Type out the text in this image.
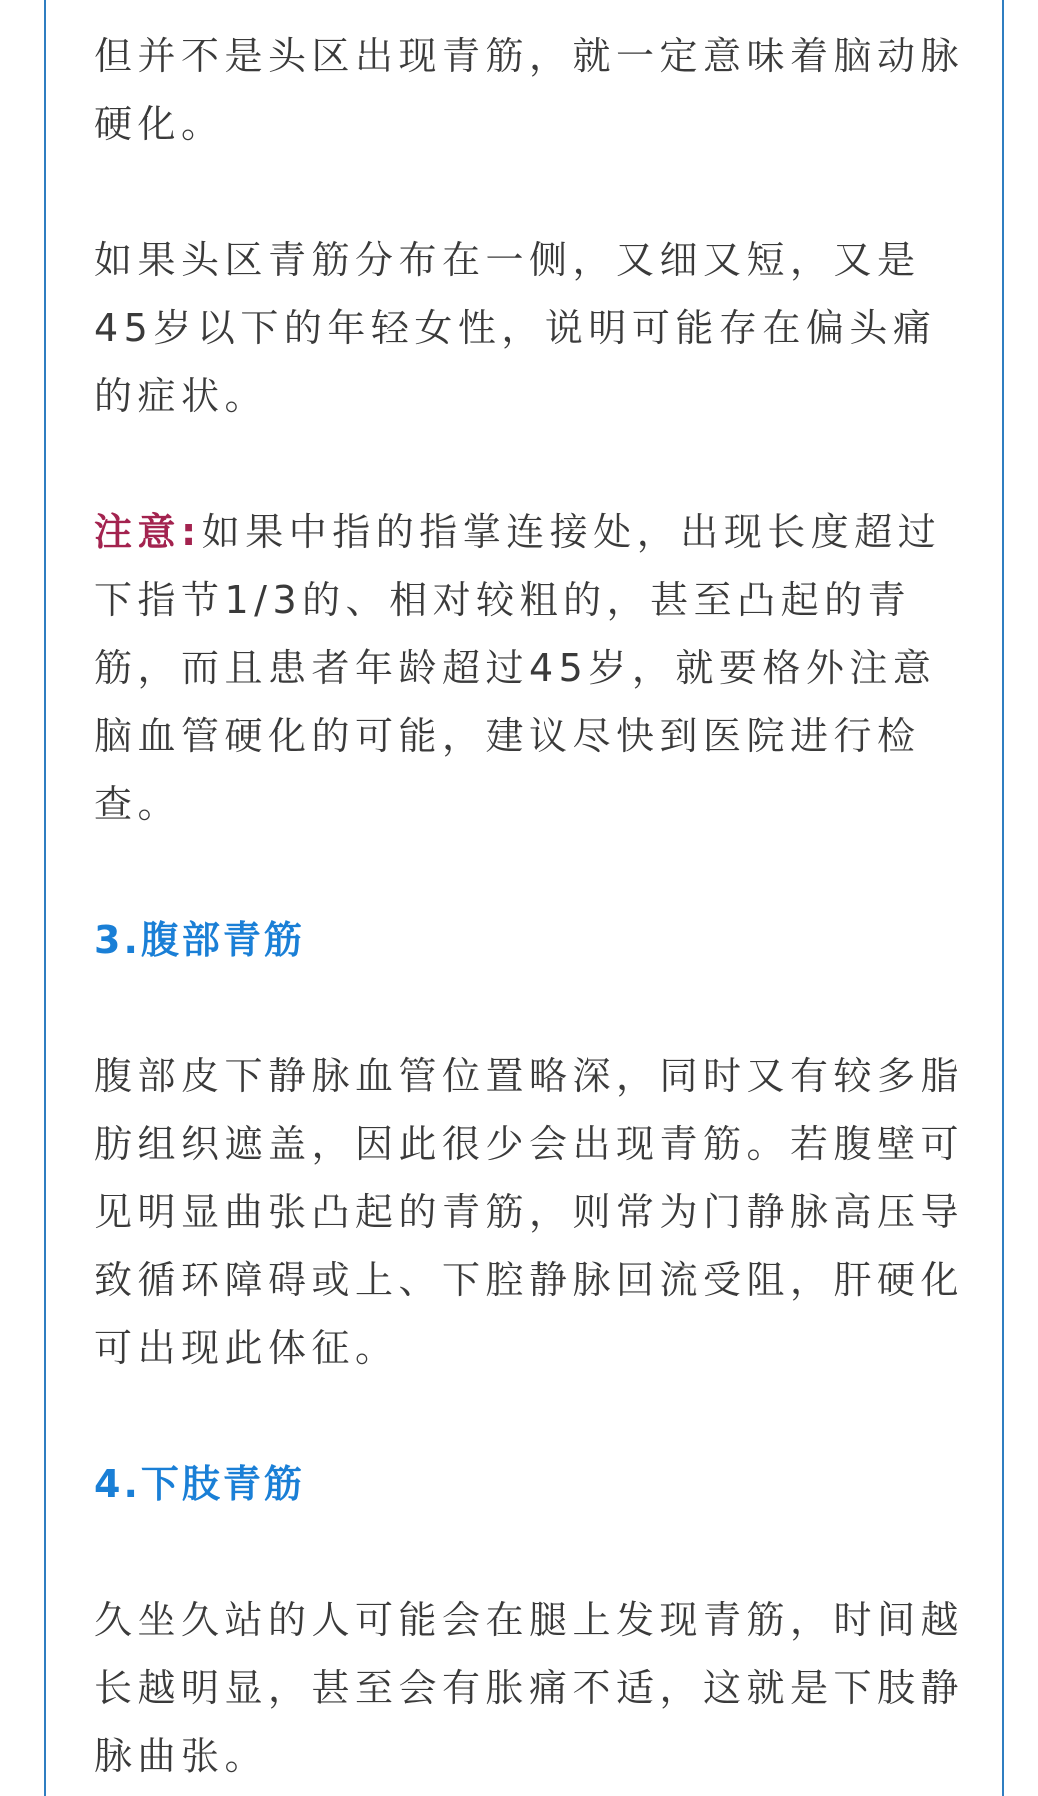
但并不是头区出现青筋，就一定意味着脑动脉硬化。

如果头区青筋分布在一侧，又细又短，又是45岁以下的年轻女性，说明可能存在偏头痛的症状。

注意:如果中指的指掌连接处，出现长度超过下指节1/3的、相对较粗的，甚至凸起的青筋，而且患者年龄超过45岁，就要格外注意脑血管硬化的可能，建议尽快到医院进行检查。

3.腹部青筋

腹部皮下静脉血管位置略深，同时又有较多脂肪组织遮盖，因此很少会出现青筋。若腹壁可见明显曲张凸起的青筋，则常为门静脉高压导致循环障碍或上、下腔静脉回流受阻，肝硬化可出现此体征。

4.下肢青筋

久坐久站的人可能会在腿上发现青筋，时间越长越明显，甚至会有胀痛不适，这就是下肢静脉曲张。
